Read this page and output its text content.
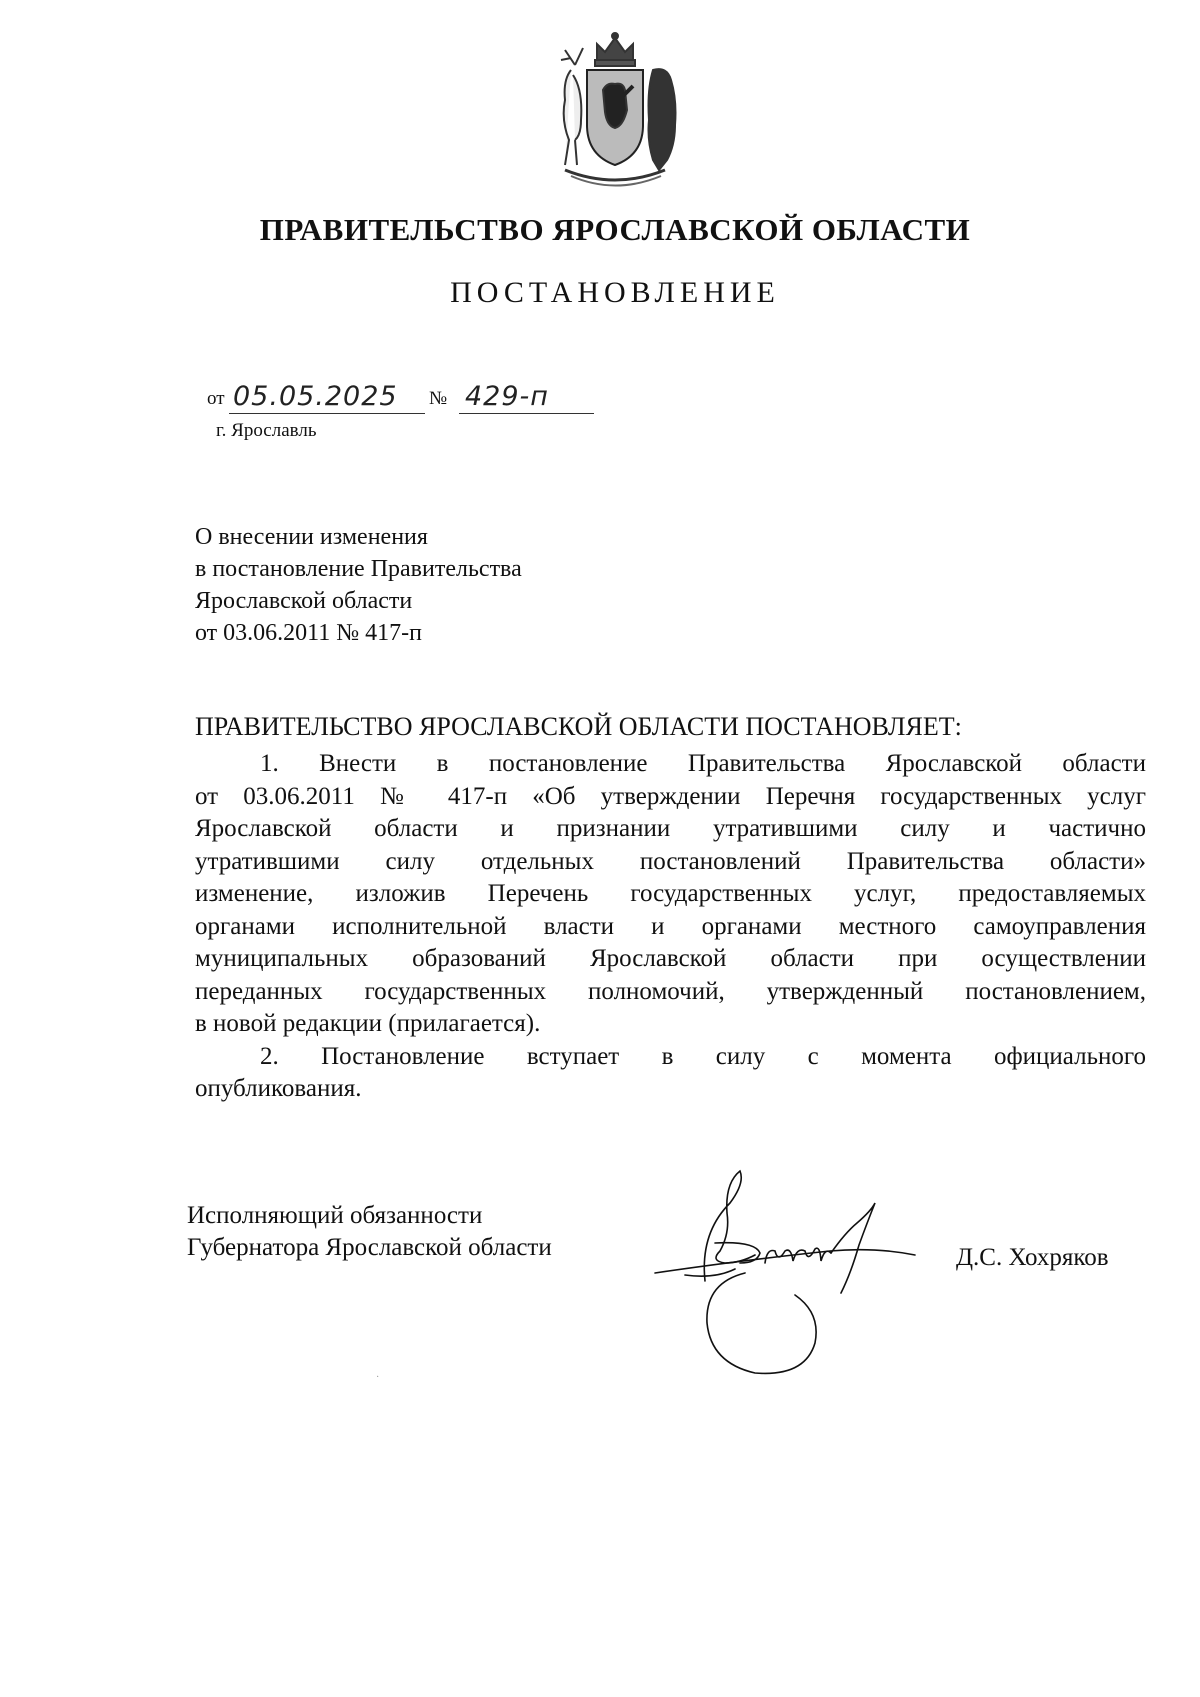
ПРАВИТЕЛЬСТВО ЯРОСЛАВСКОЙ ОБЛАСТИ
ПОСТАНОВЛЕНИЕ
от 05.05.2025 № 429-п
г. Ярославль
О внесении изменения
в постановление Правительства
Ярославской области
от 03.06.2011 № 417-п
ПРАВИТЕЛЬСТВО ЯРОСЛАВСКОЙ ОБЛАСТИ ПОСТАНОВЛЯЕТ:

1. Внести в постановление Правительства Ярославской области

от 03.06.2011 № 417-п «Об утверждении Перечня государственных услуг

Ярославской области и признании утратившими силу и частично

утратившими силу отдельных постановлений Правительства области»

изменение, изложив Перечень государственных услуг, предоставляемых

органами исполнительной власти и органами местного самоуправления

муниципальных образований Ярославской области при осуществлении

переданных государственных полномочий, утвержденный постановлением,

в новой редакции (прилагается).

2. Постановление вступает в силу с момента официального

опубликования.

Исполняющий обязанности
Губернатора Ярославской области	Д.С. Хохряков
·
